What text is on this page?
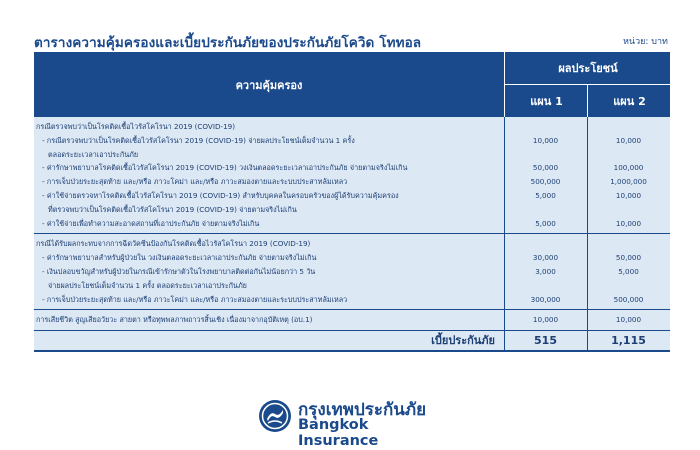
ตารางความคุ้มครองและเบี้ยประกันภัยของประกันภัยโควิด โททอล	หน่วย: บาท
ความคุ้มครอง
ผลประโยชน์
แผน 1	แผน 2
กรณีตรวจพบว่าเป็นโรคติดเชื้อไวรัสโคโรนา 2019 (COVID-19)
- กรณีตรวจพบว่าเป็นโรคติดเชื้อไวรัสโคโรนา 2019 (COVID-19) จ่ายผลประโยชน์เต็มจำนวน 1 ครั้ง	10,000	10,000
ตลอดระยะเวลาเอาประกันภัย
- ค่ารักษาพยาบาลโรคติดเชื้อไวรัสโคโรนา 2019 (COVID-19) วงเงินตลอดระยะเวลาเอาประกันภัย จ่ายตามจริงไม่เกิน	50,000	100,000
- การเจ็บป่วยระยะสุดท้าย และ/หรือ ภาวะโคม่า และ/หรือ ภาวะสมองตายและระบบประสาทล้มเหลว	500,000	1,000,000
- ค่าใช้จ่ายตรวจหาโรคติดเชื้อไวรัสโคโรนา 2019 (COVID-19) สำหรับบุคคลในครอบครัวของผู้ได้รับความคุ้มครอง	5,000	10,000
ที่ตรวจพบว่าเป็นโรคติดเชื้อไวรัสโคโรนา 2019 (COVID-19) จ่ายตามจริงไม่เกิน
- ค่าใช้จ่ายเพื่อทำความสะอาดสถานที่เอาประกันภัย จ่ายตามจริงไม่เกิน	5,000	10,000
กรณีได้รับผลกระทบจากการฉีดวัคซีนป้องกันโรคติดเชื้อไวรัสโคโรนา 2019 (COVID-19)
- ค่ารักษาพยาบาลสำหรับผู้ป่วยใน วงเงินตลอดระยะเวลาเอาประกันภัย จ่ายตามจริงไม่เกิน	30,000	50,000
- เงินปลอบขวัญสำหรับผู้ป่วยในกรณีเข้ารักษาตัวในโรงพยาบาลติดต่อกันไม่น้อยกว่า 5 วัน	3,000	5,000
จ่ายผลประโยชน์เต็มจำนวน 1 ครั้ง ตลอดระยะเวลาเอาประกันภัย
- การเจ็บป่วยระยะสุดท้าย และ/หรือ ภาวะโคม่า และ/หรือ ภาวะสมองตายและระบบประสาทล้มเหลว	300,000	500,000
การเสียชีวิต สูญเสียอวัยวะ สายตา หรือทุพพลภาพถาวรสิ้นเชิง เนื่องมาจากอุบัติเหตุ (อบ.1)	10,000	10,000
เบี้ยประกันภัย	515	1,115
กรุงเทพประกันภัย
Bangkok Insurance
